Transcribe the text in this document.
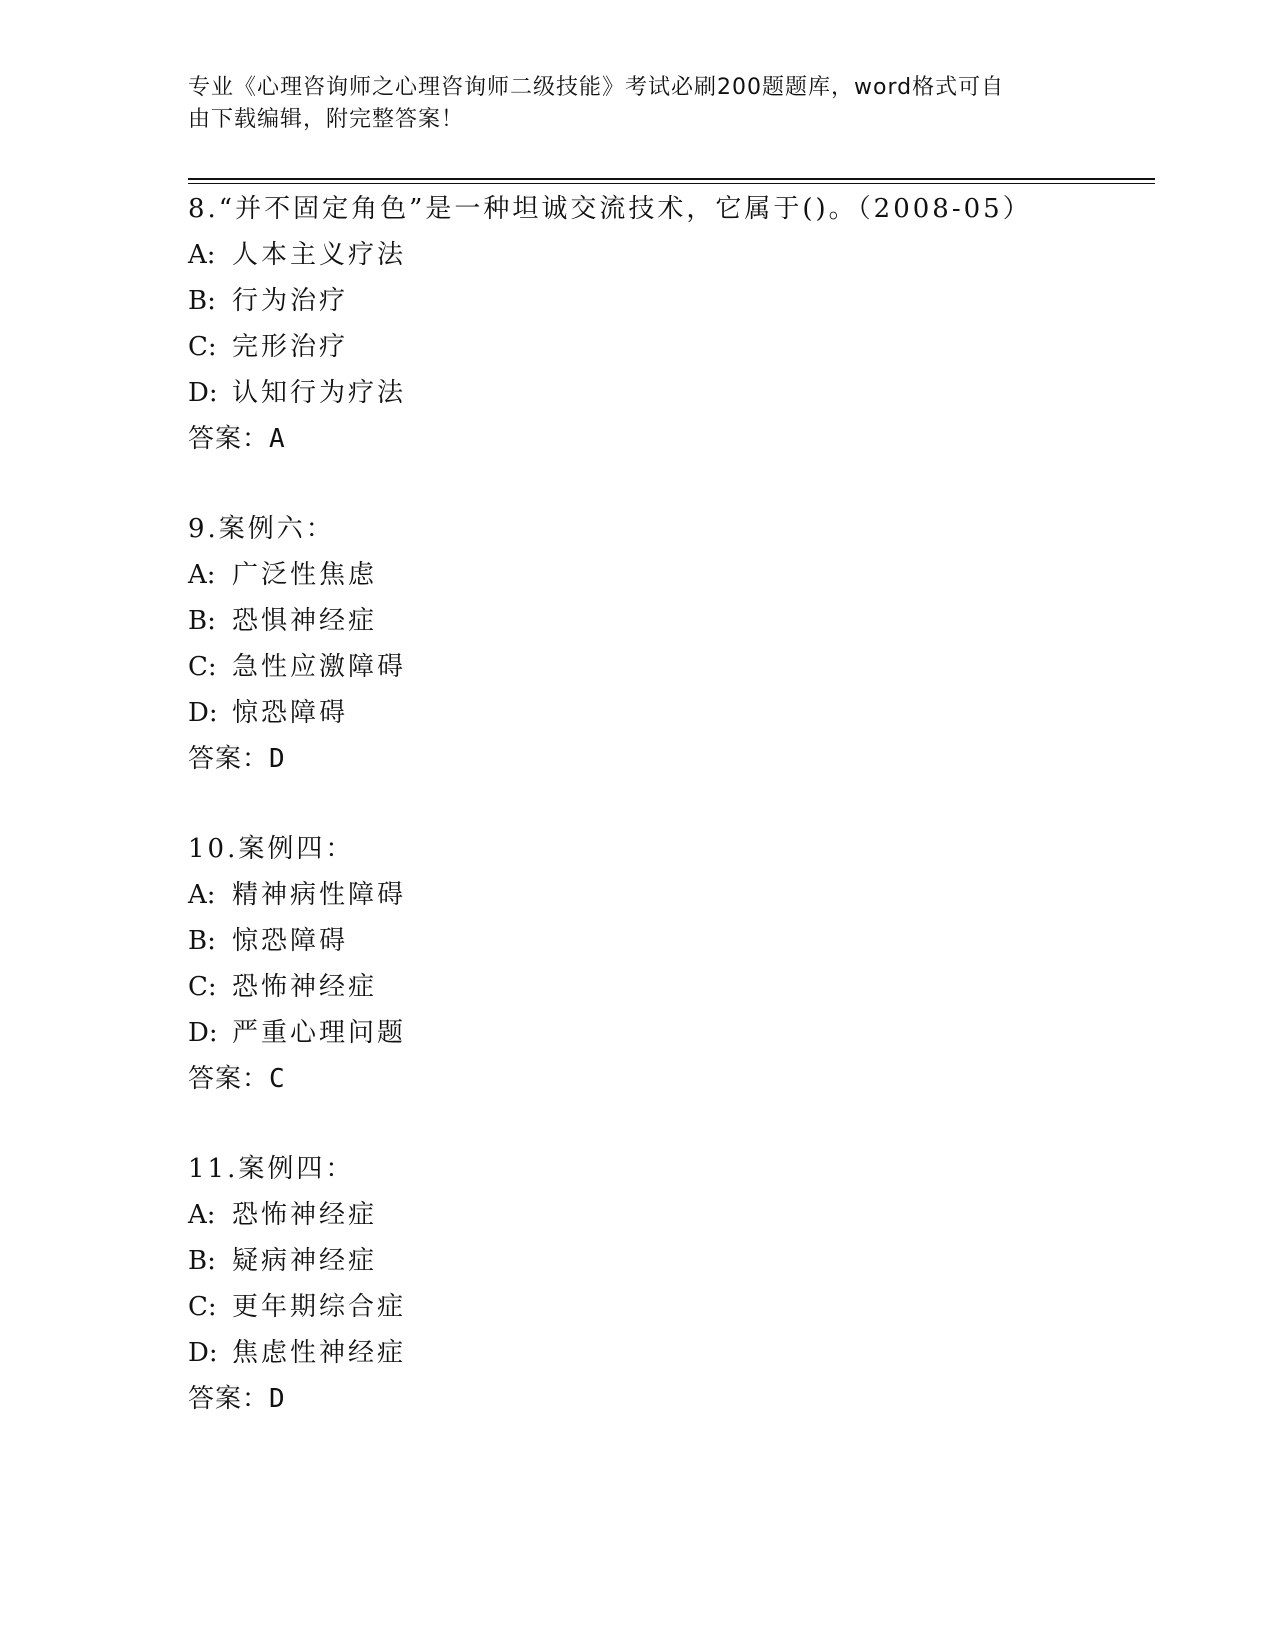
专业《心理咨询师之心理咨询师二级技能》考试必刷200题题库，word格式可自
由下载编辑，附完整答案！
8.“并不固定角色”是一种坦诚交流技术，它属于()。（2008-05）
A: 人本主义疗法
B: 行为治疗
C: 完形治疗
D: 认知行为疗法
答案：A
9.案例六：
A: 广泛性焦虑
B: 恐惧神经症
C: 急性应激障碍
D: 惊恐障碍
答案：D
10.案例四：
A: 精神病性障碍
B: 惊恐障碍
C: 恐怖神经症
D: 严重心理问题
答案：C
11.案例四：
A: 恐怖神经症
B: 疑病神经症
C: 更年期综合症
D: 焦虑性神经症
答案：D
